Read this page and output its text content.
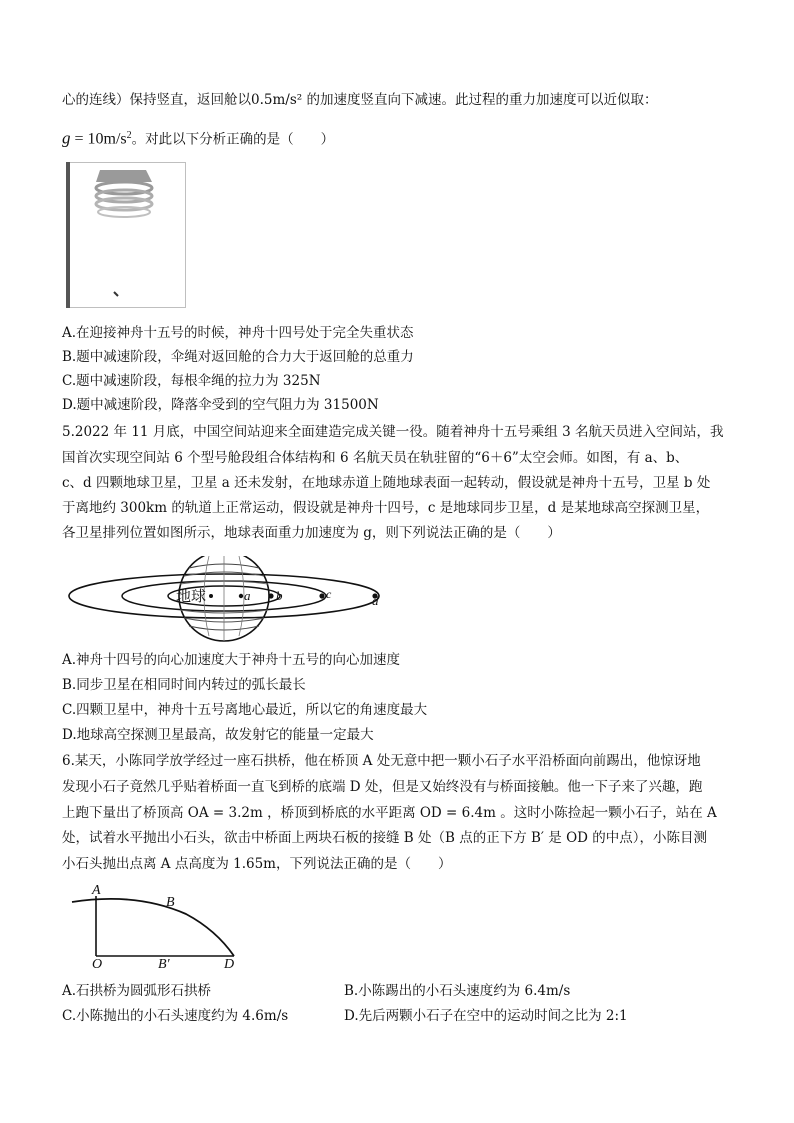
心的连线）保持竖直，返回舱以0.5m/s² 的加速度竖直向下减速。此过程的重力加速度可以近似取：
$g = 10m/s^2$。对此以下分析正确的是（　　）
A.在迎接神舟十五号的时候，神舟十四号处于完全失重状态
B.题中减速阶段，伞绳对返回舱的合力大于返回舱的总重力
C.题中减速阶段，每根伞绳的拉力为 325N
D.题中减速阶段，降落伞受到的空气阻力为 31500N
5.2022 年 11 月底，中国空间站迎来全面建造完成关键一役。随着神舟十五号乘组 3 名航天员进入空间站，我
国首次实现空间站 6 个型号舱段组合体结构和 6 名航天员在轨驻留的“6＋6”太空会师。如图，有 a、b、
c、d 四颗地球卫星，卫星 a 还未发射，在地球赤道上随地球表面一起转动，假设就是神舟十五号，卫星 b 处
于离地约 300km 的轨道上正常运动，假设就是神舟十四号，c 是地球同步卫星，d 是某地球高空探测卫星，
各卫星排列位置如图所示，地球表面重力加速度为 g，则下列说法正确的是（　　）
地球	a b	c	d
A.神舟十四号的向心加速度大于神舟十五号的向心加速度
B.同步卫星在相同时间内转过的弧长最长
C.四颗卫星中，神舟十五号离地心最近，所以它的角速度最大
D.地球高空探测卫星最高，故发射它的能量一定最大
6.某天，小陈同学放学经过一座石拱桥，他在桥顶 A 处无意中把一颗小石子水平沿桥面向前踢出，他惊讶地
发现小石子竟然几乎贴着桥面一直飞到桥的底端 D 处，但是又始终没有与桥面接触。他一下子来了兴趣，跑
上跑下量出了桥顶高 OA = 3.2m ，桥顶到桥底的水平距离 OD = 6.4m 。这时小陈捡起一颗小石子，站在 A
处，试着水平抛出小石头，欲击中桥面上两块石板的接缝 B 处（B 点的正下方 B′ 是 OD 的中点），小陈目测
小石头抛出点离 A 点高度为 1.65m，下列说法正确的是（　　）
A
B
O	B′	D
A.石拱桥为圆弧形石拱桥	B.小陈踢出的小石头速度约为 6.4m/s
C.小陈抛出的小石头速度约为 4.6m/s	D.先后两颗小石子在空中的运动时间之比为 2:1
